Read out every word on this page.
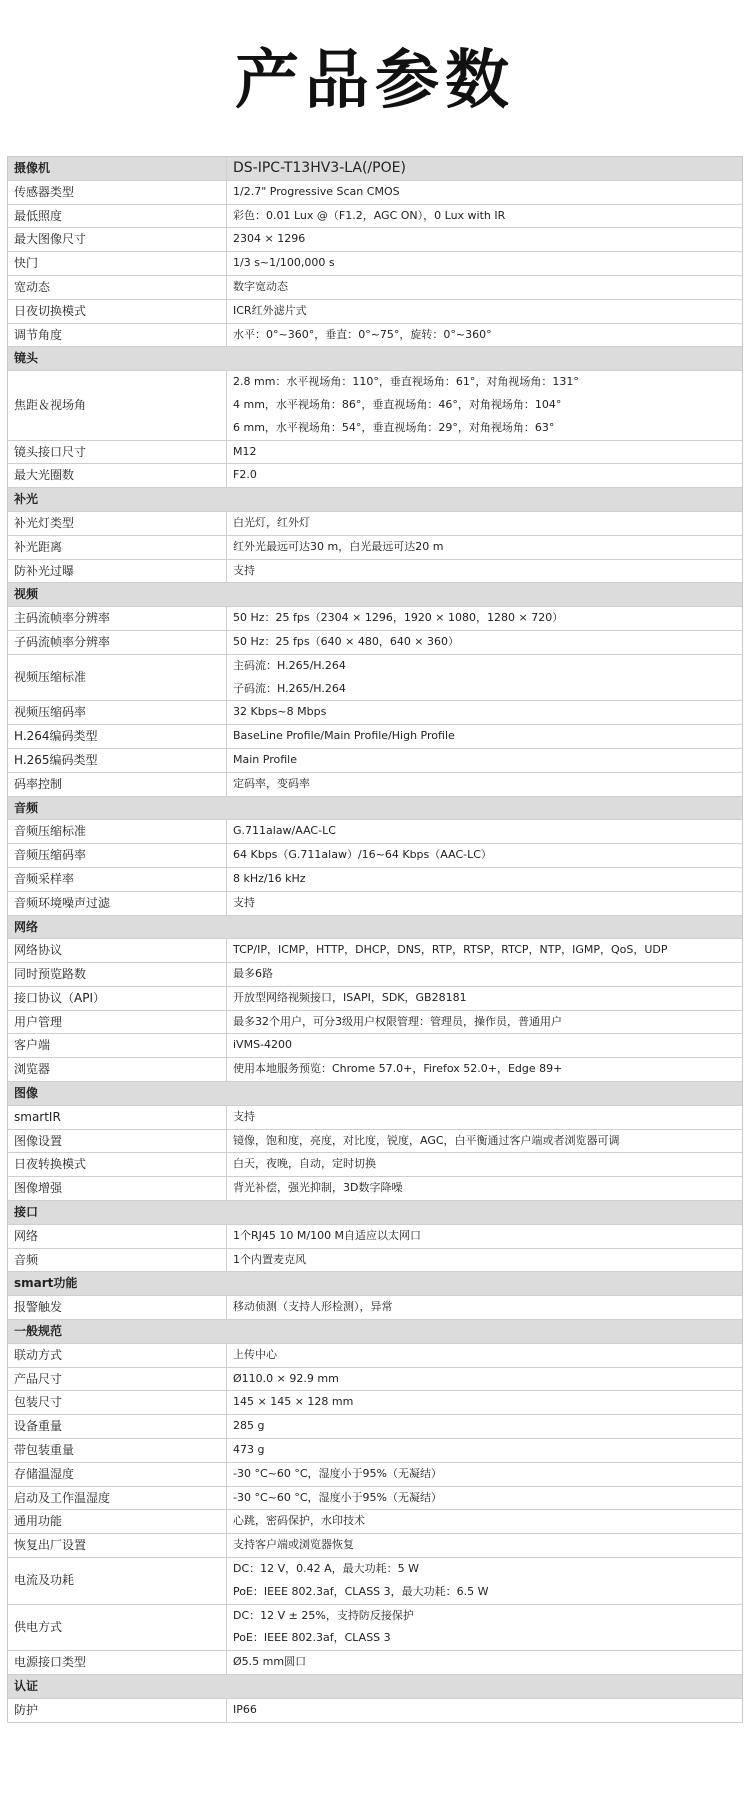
产品参数
摄像机	DS-IPC-T13HV3-LA(/POE)
传感器类型	1/2.7" Progressive Scan CMOS

最低照度	彩色：0.01 Lux @（F1.2，AGC ON），0 Lux with IR

最大图像尺寸	2304 × 1296

快门	1/3 s~1/100,000 s

宽动态	数字宽动态

日夜切换模式	ICR红外滤片式

调节角度	水平：0°~360°，垂直：0°~75°，旋转：0°~360°

镜头	
焦距＆视场角	2.8 mm：水平视场角：110°，垂直视场角：61°，对角视场角：131°
4 mm，水平视场角：86°，垂直视场角：46°，对角视场角：104°
6 mm，水平视场角：54°，垂直视场角：29°，对角视场角：63°

镜头接口尺寸	M12

最大光圈数	F2.0

补光	
补光灯类型	白光灯，红外灯

补光距离	红外光最远可达30 m，白光最远可达20 m

防补光过曝	支持

视频	
主码流帧率分辨率	50 Hz：25 fps（2304 × 1296，1920 × 1080，1280 × 720）

子码流帧率分辨率	50 Hz：25 fps（640 × 480，640 × 360）

视频压缩标准	主码流：H.265/H.264
子码流：H.265/H.264

视频压缩码率	32 Kbps~8 Mbps

H.264编码类型	BaseLine Profile/Main Profile/High Profile

H.265编码类型	Main Profile

码率控制	定码率，变码率

音频	
音频压缩标准	G.711alaw/AAC-LC

音频压缩码率	64 Kbps（G.711alaw）/16~64 Kbps（AAC-LC）

音频采样率	8 kHz/16 kHz

音频环境噪声过滤	支持

网络	
网络协议	TCP/IP，ICMP，HTTP，DHCP，DNS，RTP，RTSP，RTCP，NTP，IGMP，QoS，UDP

同时预览路数	最多6路

接口协议（API）	开放型网络视频接口，ISAPI，SDK，GB28181

用户管理	最多32个用户，可分3级用户权限管理：管理员，操作员，普通用户

客户端	iVMS-4200

浏览器	使用本地服务预览：Chrome 57.0+，Firefox 52.0+，Edge 89+

图像	
smartIR	支持

图像设置	镜像，饱和度，亮度，对比度，锐度，AGC，白平衡通过客户端或者浏览器可调

日夜转换模式	白天，夜晚，自动，定时切换

图像增强	背光补偿，强光抑制，3D数字降噪

接口	
网络	1个RJ45 10 M/100 M自适应以太网口

音频	1个内置麦克风

smart功能	
报警触发	移动侦测（支持人形检测），异常

一般规范	
联动方式	上传中心

产品尺寸	Ø110.0 × 92.9 mm

包装尺寸	145 × 145 × 128 mm

设备重量	285 g

带包装重量	473 g

存储温湿度	-30 °C~60 °C，湿度小于95%（无凝结）

启动及工作温湿度	-30 °C~60 °C，湿度小于95%（无凝结）

通用功能	心跳，密码保护，水印技术

恢复出厂设置	支持客户端或浏览器恢复

电流及功耗	DC：12 V，0.42 A，最大功耗：5 W
PoE：IEEE 802.3af，CLASS 3，最大功耗：6.5 W

供电方式	DC：12 V ± 25%，支持防反接保护
PoE：IEEE 802.3af，CLASS 3

电源接口类型	Ø5.5 mm圆口

认证	
防护	IP66
